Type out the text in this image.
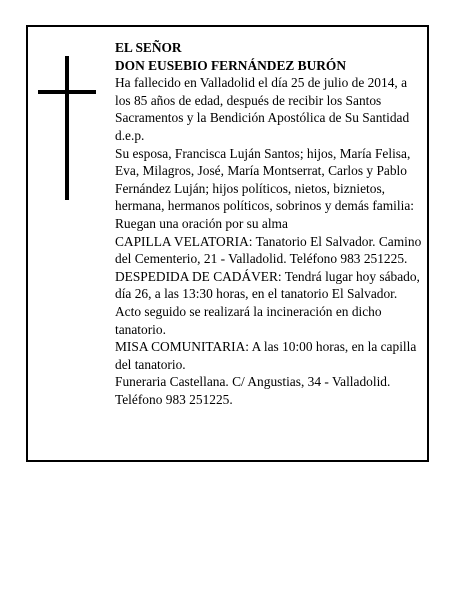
EL SEÑOR

DON EUSEBIO FERNÁNDEZ BURÓN

Ha fallecido en Valladolid el día 25 de julio de 2014, a los 85 años de edad, después de recibir los Santos Sacramentos y la Bendición Apostólica de Su Santidad d.e.p.

Su esposa, Francisca Luján Santos; hijos, María Felisa, Eva, Milagros, José, María Montserrat, Carlos y Pablo Fernández Luján; hijos políticos, nietos, biznietos, hermana, hermanos políticos, sobrinos y demás familia:

Ruegan una oración por su alma

CAPILLA VELATORIA: Tanatorio El Salvador. Camino del Cementerio, 21 - Valladolid. Teléfono 983 251225.

DESPEDIDA DE CADÁVER: Tendrá lugar hoy sábado, día 26, a las 13:30 horas, en el tanatorio El Salvador. Acto seguido se realizará la incineración en dicho tanatorio.

MISA COMUNITARIA: A las 10:00 horas, en la capilla del tanatorio.

Funeraria Castellana. C/ Angustias, 34 - Valladolid. Teléfono 983 251225.
